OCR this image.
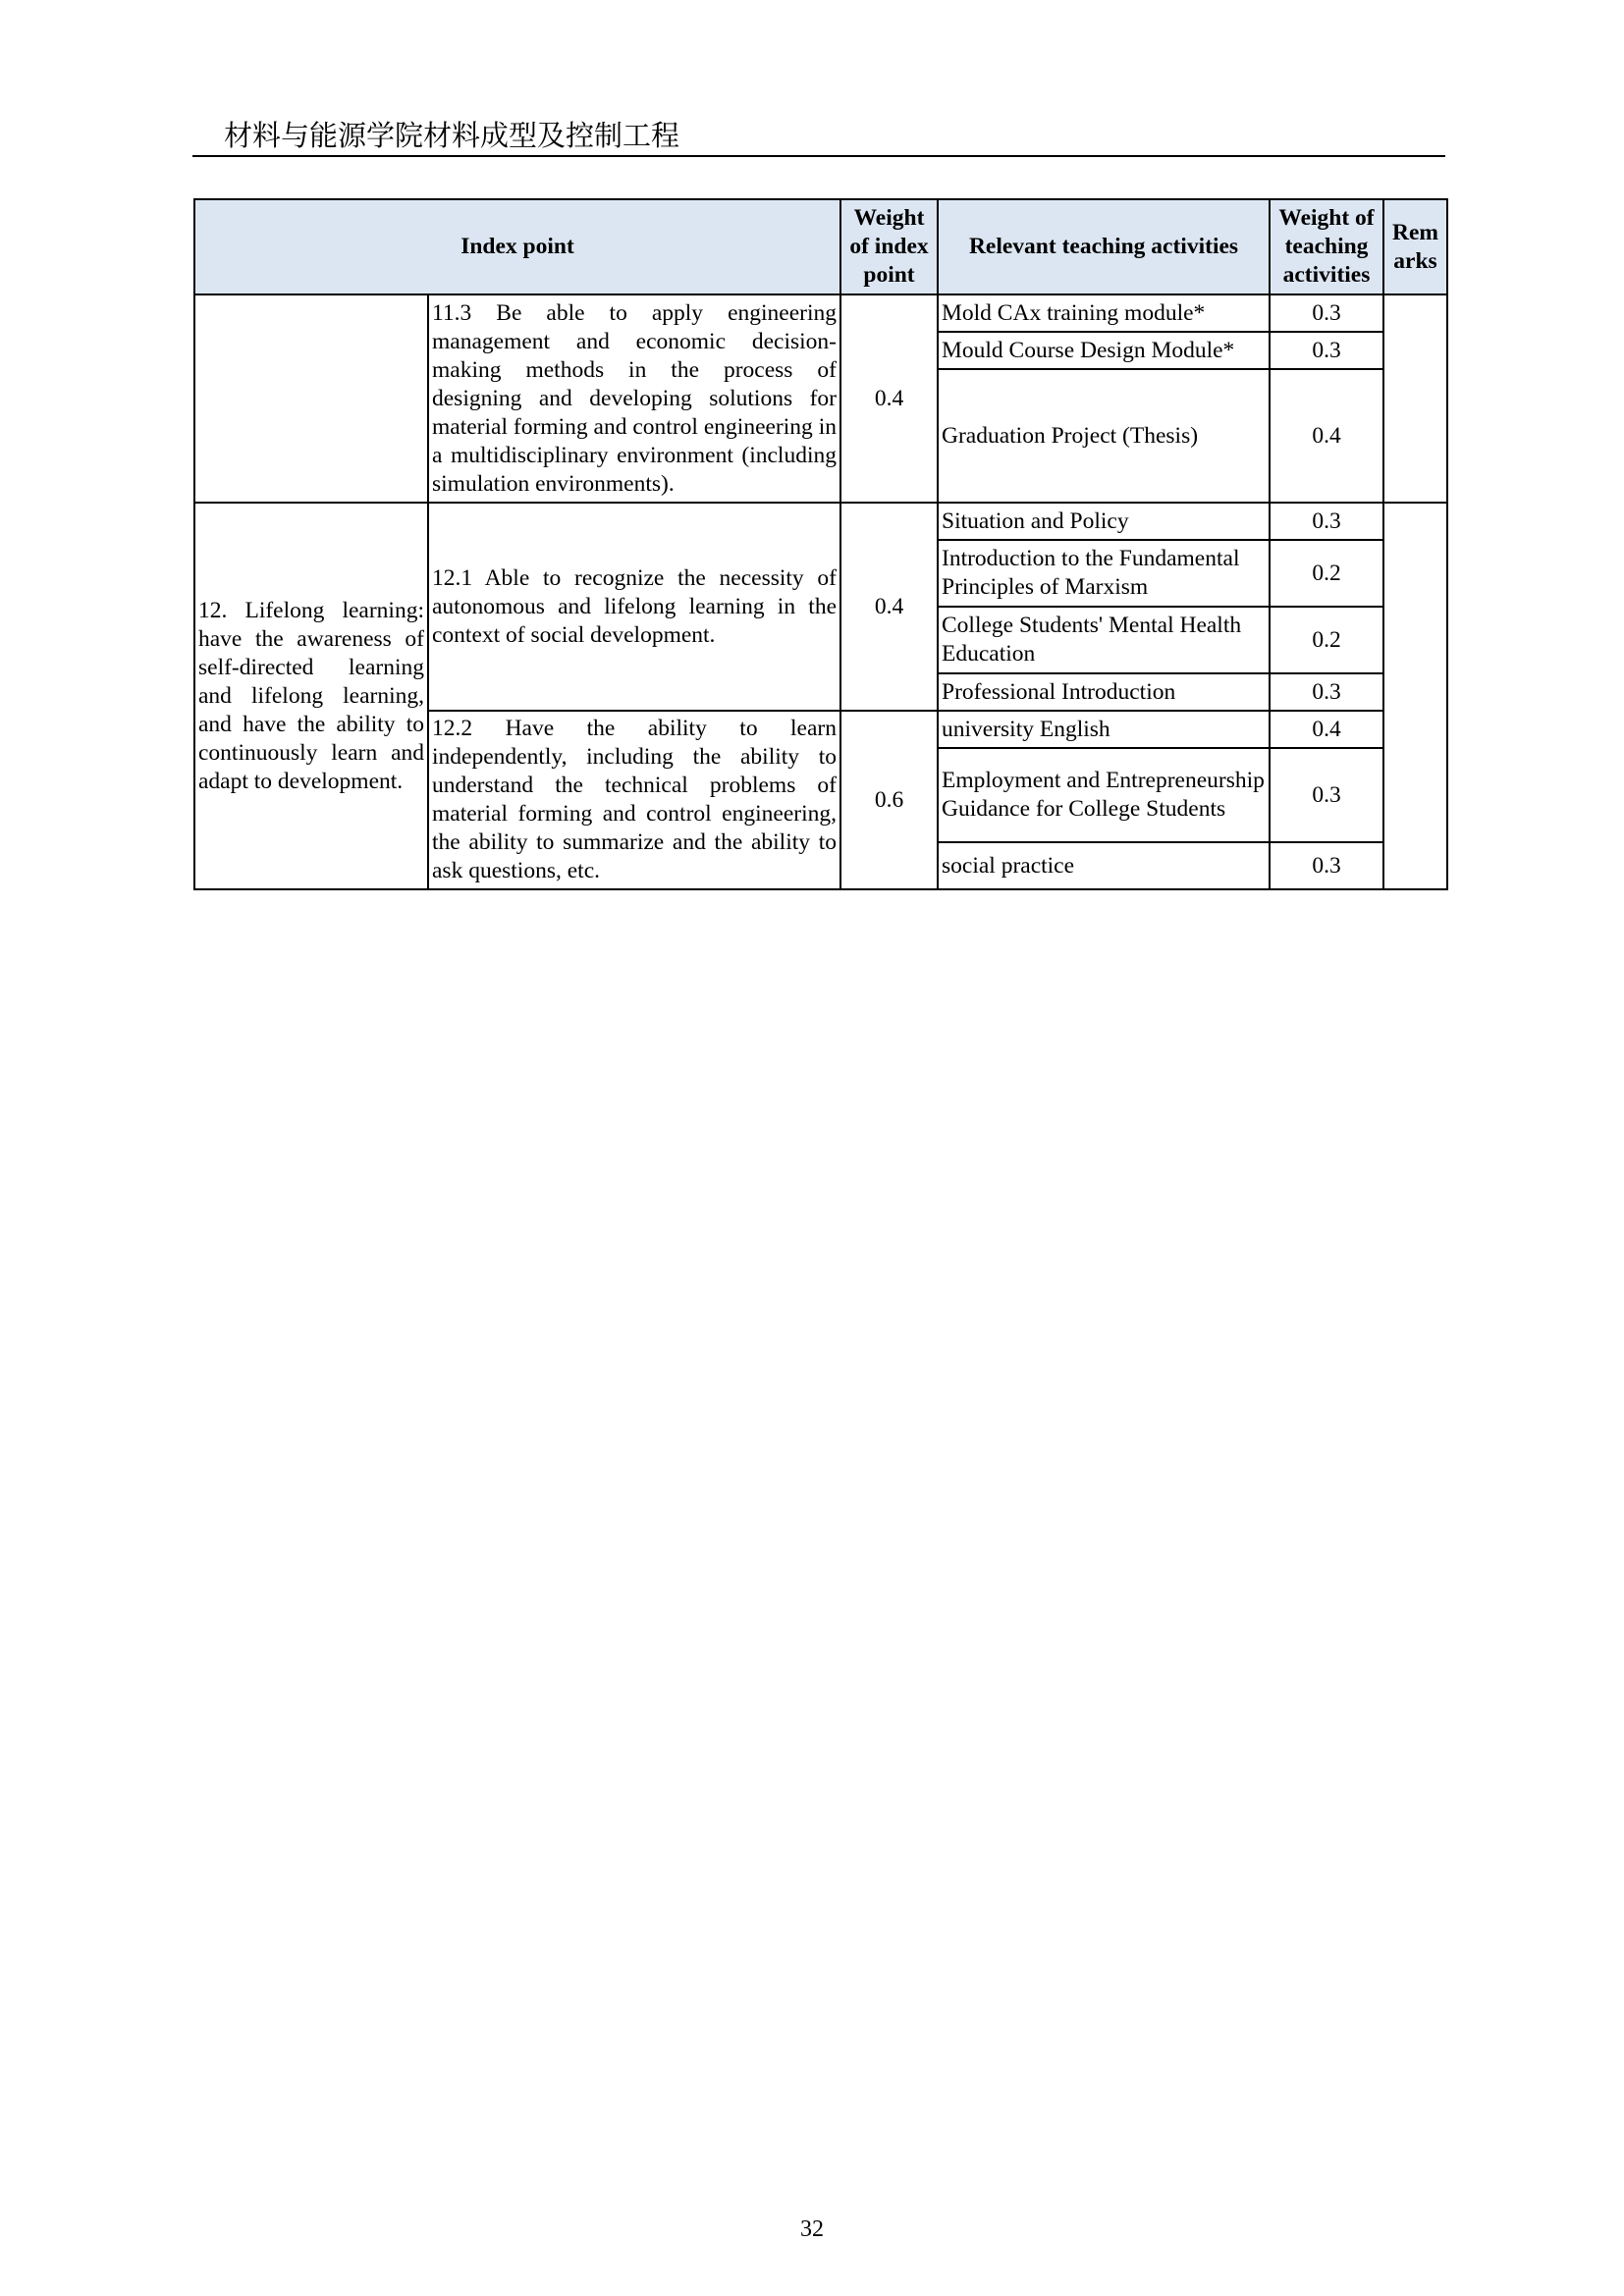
材料与能源学院材料成型及控制工程
Index point		Weight of index point	Relevant teaching activities	Weight of teaching activities	Rem arks
	11.3 Be able to apply engineering management and economic decision-making methods in the process of designing and developing solutions for material forming and control engineering in a multidisciplinary environment (including simulation environments).	0.4	Mold CAx training module*	0.3	
			Mould Course Design Module*	0.3	
			Graduation Project (Thesis)	0.4	
12. Lifelong learning: have the awareness of self-directed learning and lifelong learning, and have the ability to continuously learn and adapt to development.	12.1 Able to recognize the necessity of autonomous and lifelong learning in the context of social development.	0.4	Situation and Policy	0.3	
			Introduction to the Fundamental Principles of Marxism	0.2	
			College Students' Mental Health Education	0.2	
			Professional Introduction	0.3	
	12.2 Have the ability to learn independently, including the ability to understand the technical problems of material forming and control engineering, the ability to summarize and the ability to ask questions, etc.	0.6	university English	0.4	
			Employment and Entrepreneurship Guidance for College Students	0.3	
			social practice	0.3	
32
